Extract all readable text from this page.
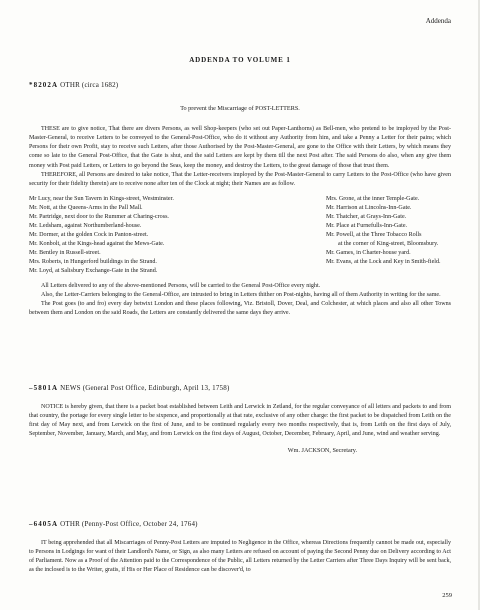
Addenda
ADDENDA TO VOLUME 1
*8202A OTHR (circa 1682)
To prevent the Miscarriage of POST-LETTERS.

THESE are to give notice, That there are divers Persons, as well Shop-keepers (who set out Paper-Lanthorns) as Bell-men, who pretend to be imployed by the Post-Master-General, to receive Letters to be conveyed to the General-Post-Office, who do it without any Authority from him, and take a Penny a Letter for their pains; which Persons for their own Profit, stay to receive such Letters, after those Authorised by the Post-Master-General, are gone to the Office with their Letters, by which means they come so late to the General Post-Office, that the Gate is shut, and the said Letters are kept by them till the next Post after. The said Persons do also, when any give them money with Post paid Letters, or Letters to go beyond the Seas, keep the money, and destroy the Letters, to the great damage of those that trust them.

THEREFORE, all Persons are desired to take notice, That the Letter-receivers imployed by the Post-Master-General to carry Letters to the Post-Office (who have given security for their fidelity therein) are to receive none after ten of the Clock at night; their Names are as follow.

Mr Lucy, near the Sun Tavern in Kings-street, Westminster.
Mr. Nott, at the Queens-Arms in the Pall Mall.
Mr. Partridge, next door to the Rummer at Charing-cross.
Mr. Ledsham, against Northumberland-house.
Mr. Dormer, at the golden Cock in Panton-street.
Mr. Konbolt, at the Kings-head against the Mews-Gate.
Mr. Bentley in Russell-street.
Mrs. Roberts, in Hungerford buildings in the Strand.
Mr. Loyd, at Salisbury Exchange-Gate in the Strand.
Mrs. Grone, at the inner Temple-Gate.
Mr. Harrison at Lincolns-Inn-Gate.
Mr. Thatcher, at Grays-Inn-Gate.
Mr. Place at Furnefulls-Inn-Gate.
Mr. Powell, at the Three Tobacco Rolls
at the corner of King-street, Bloomsbury.
Mr. Games, in Charter-house yard.
Mr. Evans, at the Lock and Key in Smith-field.

All Letters delivered to any of the above-mentioned Persons, will be carried to the General Post-Office every night.

Also, the Letter-Carriers belonging to the General-Office, are intrusted to bring in Letters thither on Post-nights, having all of them Authority in writing for the same.

The Post goes (to and fro) every day betwixt London and these places following, Viz. Bristoll, Dover, Deal, and Colchester, at which places and also all other Towns between them and London on the said Roads, the Letters are constantly delivered the same days they arrive.

–5801A NEWS (General Post Office, Edinburgh, April 13, 1758)

NOTICE is hereby given, that there is a packet boat established between Leith and Lerwick in Zetland, for the regular conveyance of all letters and packets to and from that country, the portage for every single letter to be sixpence, and proportionally at that rate, exclusive of any other charge: the first packet to be dispatched from Leith on the first day of May next, and from Lerwick on the first of June, and to be continued regularly every two months respectively, that is, from Leith on the first days of July, September, November, January, March, and May, and from Lerwick on the first days of August, October, December, February, April, and June, wind and weather serving.

Wm. JACKSON, Secretary.
–6405A OTHR (Penny-Post Office, October 24, 1764)

IT being apprehended that all Miscarriages of Penny-Post Letters are imputed to Negligence in the Office, whereas Directions frequently cannot be made out, especially to Persons in Lodgings for want of their Landlord's Name, or Sign, as also many Letters are refused on account of paying the Second Penny due on Delivery according to Act of Parliament. Now as a Proof of the Attention paid to the Correspondence of the Public, all Letters returned by the Letter Carriers after Three Days Inquiry will be sent back, as the inclosed is to the Writer, gratis, if His or Her Place of Residence can be discover'd, to

259
